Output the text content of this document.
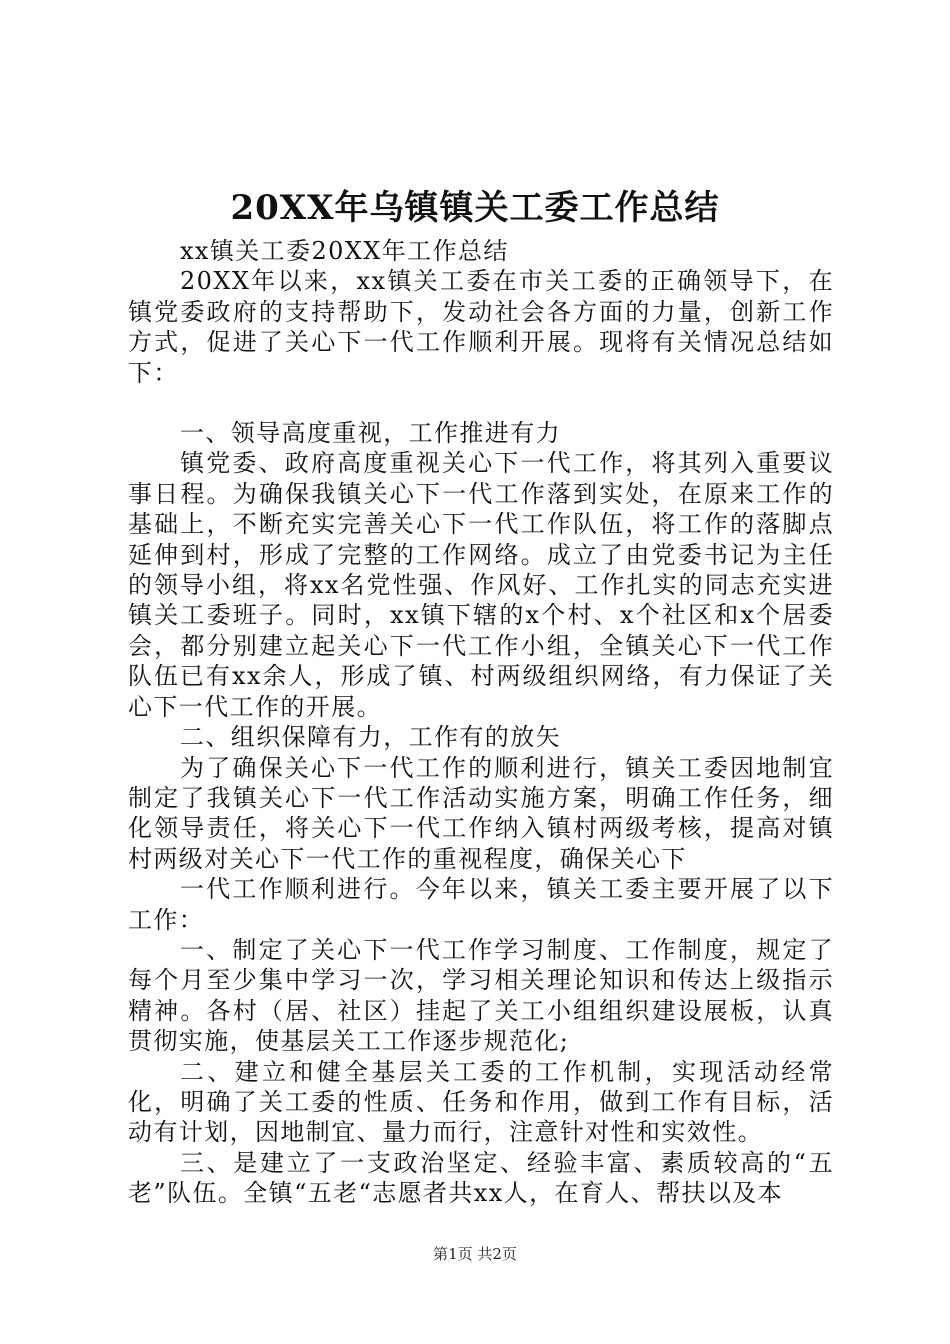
20XX年乌镇镇关工委工作总结

xx镇关工委20XX年工作总结

20XX年以来，xx镇关工委在市关工委的正确领导下，在镇党委政府的支持帮助下，发动社会各方面的力量，创新工作方式，促进了关心下一代工作顺利开展。现将有关情况总结如下：

一、领导高度重视，工作推进有力

镇党委、政府高度重视关心下一代工作，将其列入重要议事日程。为确保我镇关心下一代工作落到实处，在原来工作的基础上，不断充实完善关心下一代工作队伍，将工作的落脚点延伸到村，形成了完整的工作网络。成立了由党委书记为主任的领导小组，将xx名党性强、作风好、工作扎实的同志充实进镇关工委班子。同时，xx镇下辖的x个村、x个社区和x个居委会，都分别建立起关心下一代工作小组，全镇关心下一代工作队伍已有xx余人，形成了镇、村两级组织网络，有力保证了关心下一代工作的开展。

二、组织保障有力，工作有的放矢

为了确保关心下一代工作的顺利进行，镇关工委因地制宜制定了我镇关心下一代工作活动实施方案，明确工作任务，细化领导责任，将关心下一代工作纳入镇村两级考核，提高对镇村两级对关心下一代工作的重视程度，确保关心下

一代工作顺利进行。今年以来，镇关工委主要开展了以下工作：

一、制定了关心下一代工作学习制度、工作制度，规定了每个月至少集中学习一次，学习相关理论知识和传达上级指示精神。各村（居、社区）挂起了关工小组组织建设展板，认真贯彻实施，使基层关工工作逐步规范化;

二、建立和健全基层关工委的工作机制，实现活动经常化，明确了关工委的性质、任务和作用，做到工作有目标，活动有计划，因地制宜、量力而行，注意针对性和实效性。

三、是建立了一支政治坚定、经验丰富、素质较高的“五老”队伍。全镇“五老“志愿者共xx人，在育人、帮扶以及本

第1页 共2页
